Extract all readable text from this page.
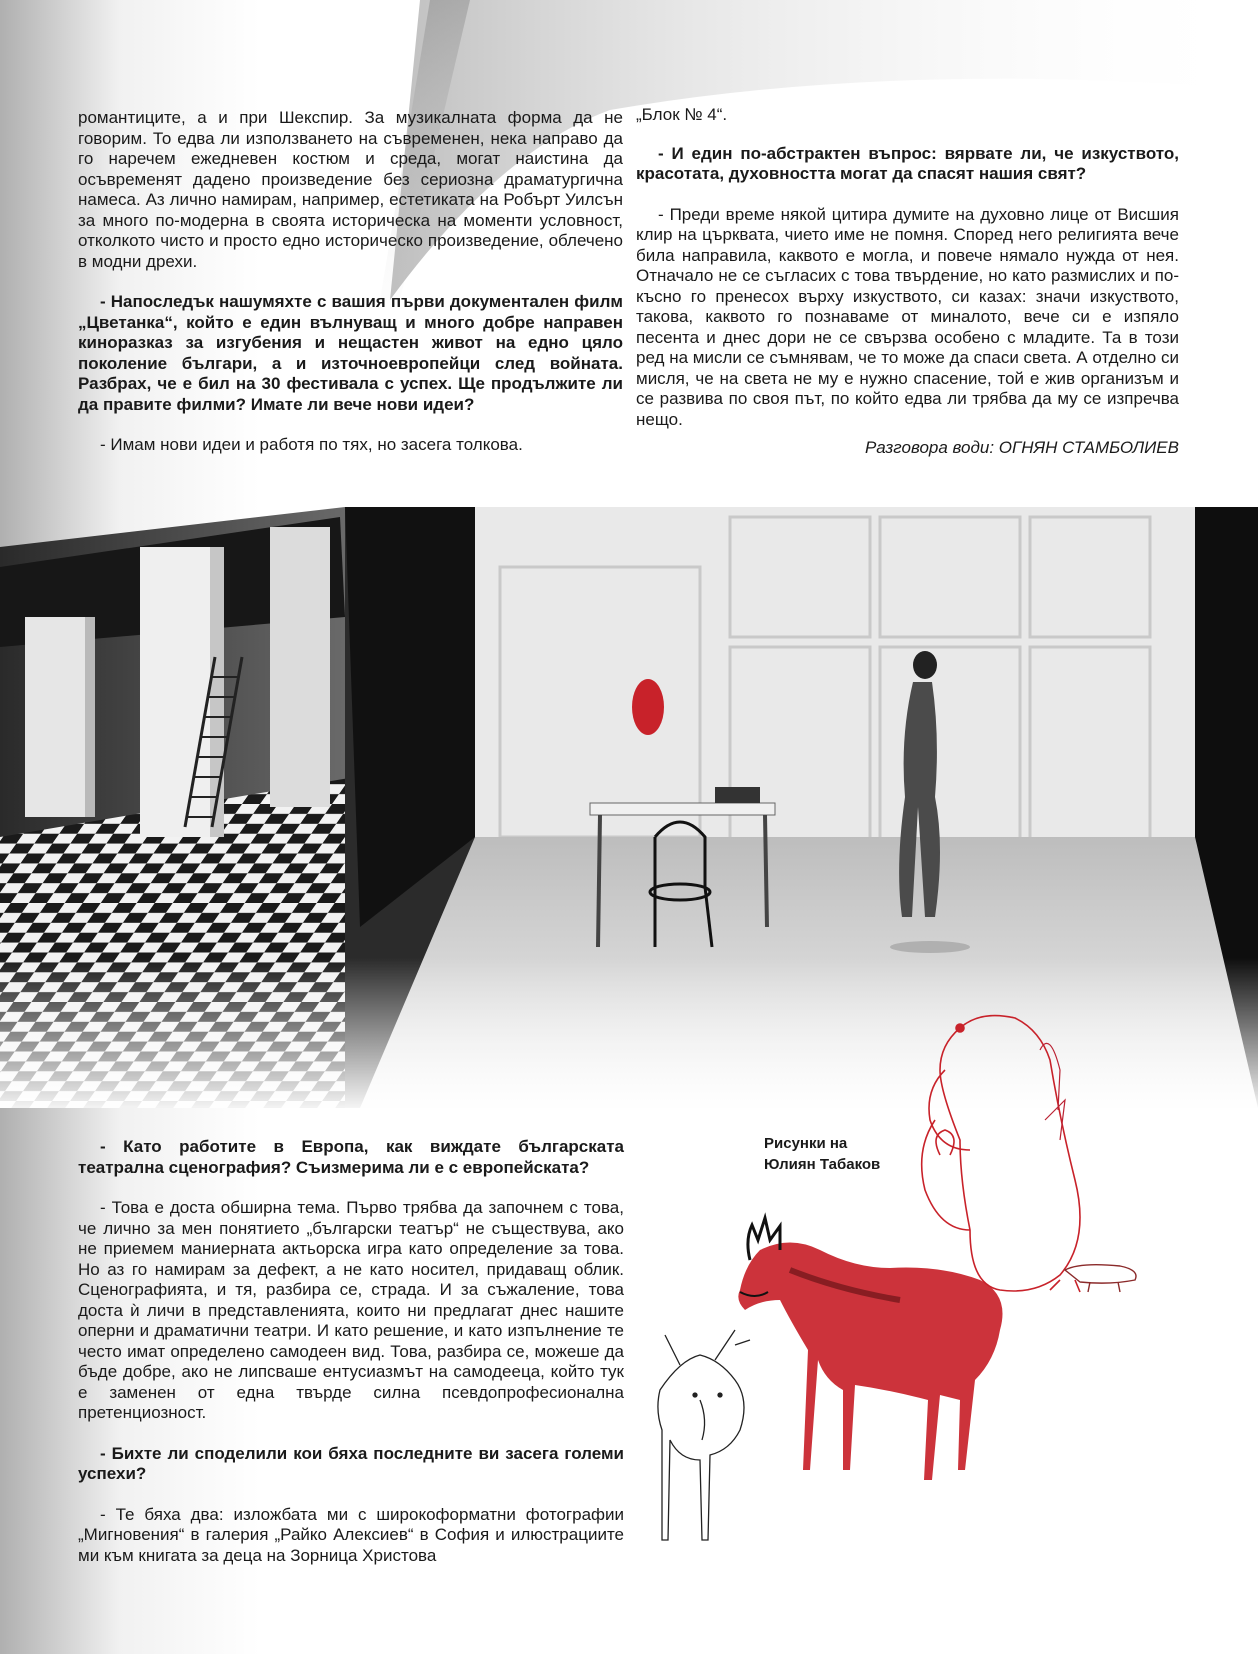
романтиците, а и при Шекспир. За музикалната форма да не говорим. То едва ли използването на съвременен, нека направо да го наречем ежедневен костюм и среда, могат наистина да осъвременят дадено произведение без сериозна драматургична намеса. Аз лично намирам, например, естетиката на Робърт Уилсън за много по-модерна в своята историческа на моменти условност, отколкото чисто и просто едно историческо произведение, облечено в модни дрехи.

- Напоследък нашумяхте с вашия първи документален филм „Цветанка“, който е един вълнуващ и много добре направен киноразказ за изгубения и нещастен живот на едно цяло поколение българи, а и източноевропейци след войната. Разбрах, че е бил на 30 фестивала с успех. Ще продължите ли да правите филми? Имате ли вече нови идеи?

- Имам нови идеи и работя по тях, но засега толкова.

„Блок № 4“.

- И един по-абстрактен въпрос: вярвате ли, че изкуството, красотата, духовността могат да спасят нашия свят?

- Преди време някой цитира думите на духовно лице от Висшия клир на църквата, чието име не помня. Според него религията вече била направила, каквото е могла, и повече нямало нужда от нея. Отначало не се съгласих с това твърдение, но като размислих и по-късно го пренесох върху изкуството, си казах: значи изкуството, такова, каквото го познаваме от миналото, вече си е изпяло песента и днес дори не се свързва особено с младите. Та в този ред на мисли се съмнявам, че то може да спаси света. А отделно си мисля, че на света не му е нужно спасение, той е жив организъм и се развива по своя път, по който едва ли трябва да му се изпречва нещо.

Разговора води: ОГНЯН СТАМБОЛИЕВ

- Като работите в Европа, как виждате българската театрална сценография? Съизмерима ли е с европейската?

- Това е доста обширна тема. Първо трябва да започнем с това, че лично за мен понятието „български театър“ не съществува, ако не приемем маниерната актьорска игра като определение за това. Но аз го намирам за дефект, а не като носител, придаващ облик. Сценографията, и тя, разбира се, страда. И за съжаление, това доста ѝ личи в представленията, които ни предлагат днес нашите оперни и драматични театри. И като решение, и като изпълнение те често имат определено самодеен вид. Това, разбира се, можеше да бъде добре, ако не липсваше ентусиазмът на самодееца, който тук е заменен от една твърде силна псевдопрофесионална претенциозност.

- Бихте ли споделили кои бяха последните ви засега големи успехи?

- Те бяха два: изложбата ми с широкоформатни фотографии „Мигновения“ в галерия „Райко Алексиев“ в София и илюстрациите ми към книгата за деца на Зорница Христова

Рисунки на
Юлиян Табаков
